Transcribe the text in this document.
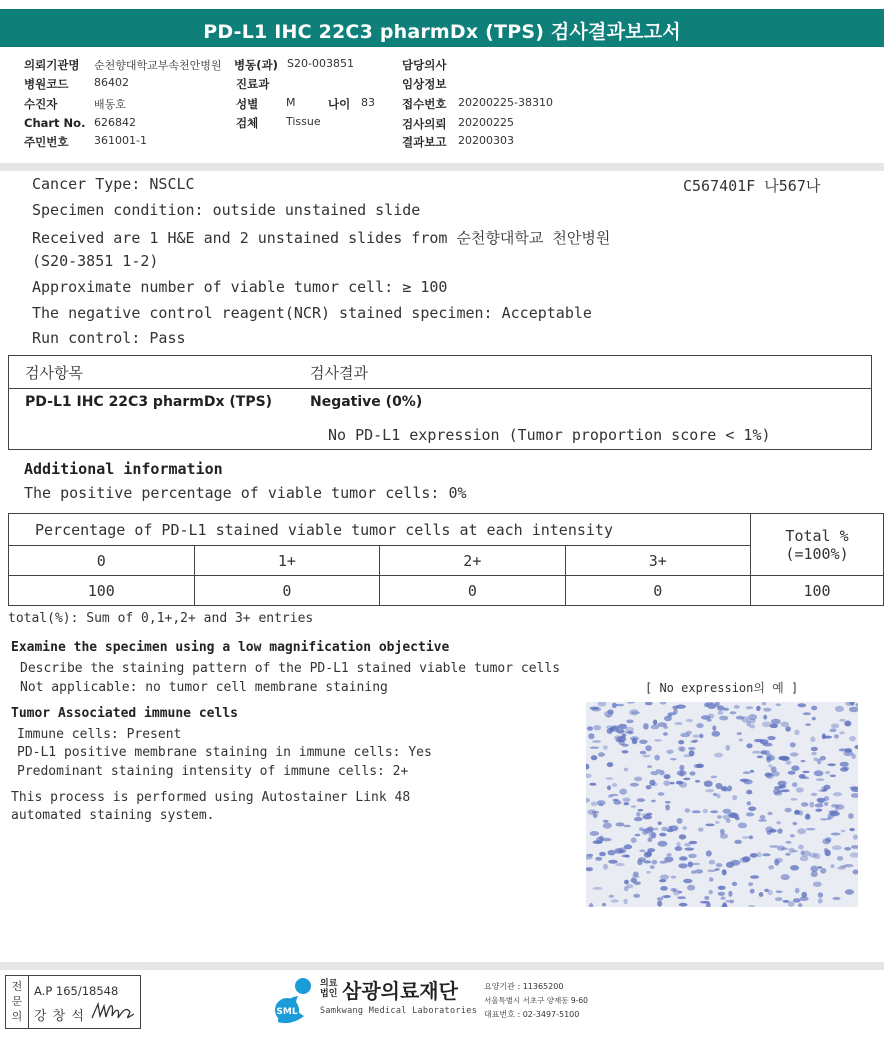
PD-L1 IHC 22C3 pharmDx (TPS) 검사결과보고서
의뢰기관명 순천향대학교부속천안병원 병동(과) S20-003851	담당의사
병원코드 86402	진료과	임상정보
수진자	배동호	성별	M	나이 83 접수번호 20200225-38310
Chart No. 626842	검체	Tissue	검사의뢰 20200225
주민번호 361001-1	결과보고 20200303
Cancer Type: NSCLC	C567401F 나567나
Specimen condition: outside unstained slide
Received are 1 H&E and 2 unstained slides from 순천향대학교 천안병원
(S20-3851 1-2)
Approximate number of viable tumor cell: ≥ 100
The negative control reagent(NCR) stained specimen: Acceptable
Run control: Pass
검사항목	검사결과
PD-L1 IHC 22C3 pharmDx (TPS)	Negative (0%)
No PD-L1 expression (Tumor proportion score < 1%)
Additional information
The positive percentage of viable tumor cells: 0%
Percentage of PD-L1 stained viable tumor cells at each intensity				Total %
(=100%)

0	1+	2+	3+	
100	0	0	0	100
total(%): Sum of 0,1+,2+ and 3+ entries
Examine the specimen using a low magnification objective
Describe the staining pattern of the PD-L1 stained viable tumor cells
Not applicable: no tumor cell membrane staining	[ No expression의 예 ]
Tumor Associated immune cells
Immune cells: Present
PD-L1 positive membrane staining in immune cells: Yes
Predominant staining intensity of immune cells: 2+
This process is performed using Autostainer Link 48
automated staining system.
전문의
A.P 165/18548
강 창 석	SML
의료
법인 삼광의료재단
Samkwang Medical Laboratories
요양기관 : 11365200
서울특별시 서초구 양재동 9-60
대표번호 : 02-3497-5100
